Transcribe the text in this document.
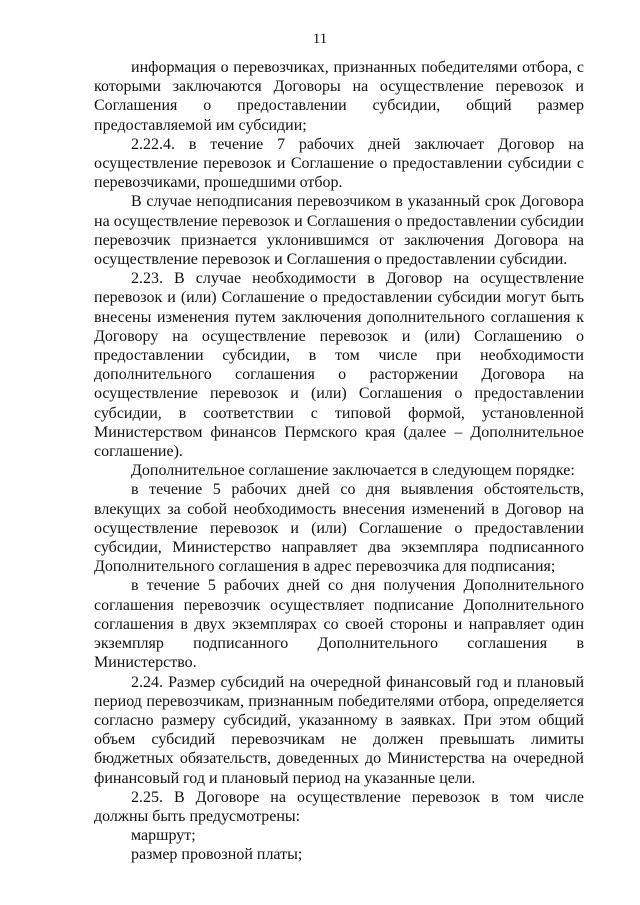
11

информация о перевозчиках, признанных победителями отбора, с которыми заключаются Договоры на осуществление перевозок и Соглашения о предоставлении субсидии, общий размер предоставляемой им субсидии;

2.22.4. в течение 7 рабочих дней заключает Договор на осуществление перевозок и Соглашение о предоставлении субсидии с перевозчиками, прошедшими отбор.

В случае неподписания перевозчиком в указанный срок Договора на осуществление перевозок и Соглашения о предоставлении субсидии перевозчик признается уклонившимся от заключения Договора на осуществление перевозок и Соглашения о предоставлении субсидии.

2.23. В случае необходимости в Договор на осуществление перевозок и (или) Соглашение о предоставлении субсидии могут быть внесены изменения путем заключения дополнительного соглашения к Договору на осуществление перевозок и (или) Соглашению о предоставлении субсидии, в том числе при необходимости дополнительного соглашения о расторжении Договора на осуществление перевозок и (или) Соглашения о предоставлении субсидии, в соответствии с типовой формой, установленной Министерством финансов Пермского края (далее – Дополнительное соглашение).

Дополнительное соглашение заключается в следующем порядке:

в течение 5 рабочих дней со дня выявления обстоятельств, влекущих за собой необходимость внесения изменений в Договор на осуществление перевозок и (или) Соглашение о предоставлении субсидии, Министерство направляет два экземпляра подписанного Дополнительного соглашения в адрес перевозчика для подписания;

в течение 5 рабочих дней со дня получения Дополнительного соглашения перевозчик осуществляет подписание Дополнительного соглашения в двух экземплярах со своей стороны и направляет один экземпляр подписанного Дополнительного соглашения в Министерство.

2.24. Размер субсидий на очередной финансовый год и плановый период перевозчикам, признанным победителями отбора, определяется согласно размеру субсидий, указанному в заявках. При этом общий объем субсидий перевозчикам не должен превышать лимиты бюджетных обязательств, доведенных до Министерства на очередной финансовый год и плановый период на указанные цели.

2.25. В Договоре на осуществление перевозок в том числе должны быть предусмотрены:

маршрут;

размер провозной платы;
